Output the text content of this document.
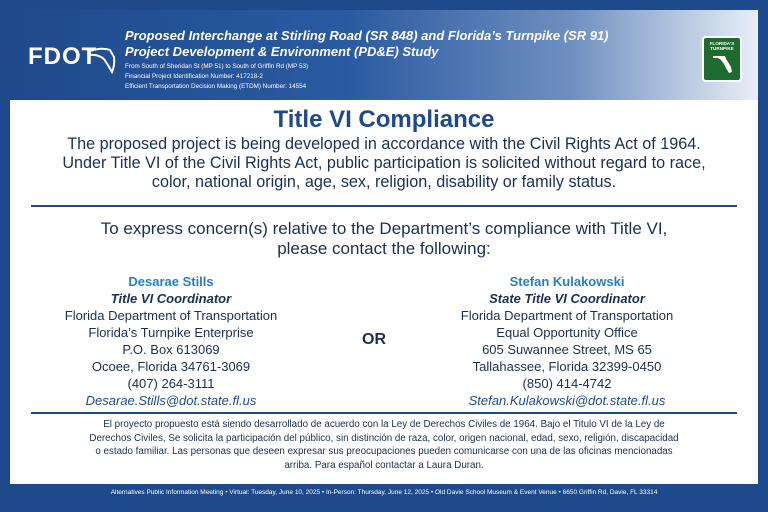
FDOT
Proposed Interchange at Stirling Road (SR 848) and Florida’s Turnpike (SR 91)
Project Development & Environment (PD&E) Study
From South of Sheridan St (MP 51) to South of Griffin Rd (MP 53)
Financial Project Identification Number: 417218-2
Efficient Transportation Decision Making (ETDM) Number: 14554
FLORIDA'S TURNPIKE
Title VI Compliance
The proposed project is being developed in accordance with the Civil Rights Act of 1964.
Under Title VI of the Civil Rights Act, public participation is solicited without regard to race,
color, national origin, age, sex, religion, disability or family status.
To express concern(s) relative to the Department’s compliance with Title VI,
please contact the following:
Desarae Stills
Title VI Coordinator
Florida Department of Transportation
Florida’s Turnpike Enterprise
P.O. Box 613069
Ocoee, Florida 34761-3069
(407) 264-3111
Desarae.Stills@dot.state.fl.us
OR
Stefan Kulakowski
State Title VI Coordinator
Florida Department of Transportation
Equal Opportunity Office
605 Suwannee Street, MS 65
Tallahassee, Florida 32399-0450
(850) 414-4742
Stefan.Kulakowski@dot.state.fl.us
El proyecto propuesto está siendo desarrollado de acuerdo con la Ley de Derechos Civiles de 1964. Bajo el Titulo VI de la Ley de
Derechos Civiles, Se solicita la participación del público, sin distinción de raza, color, origen nacional, edad, sexo, religión, discapacidad
o estado familiar. Las personas que deseen expresar sus preocupaciones pueden comunicarse con una de las oficinas mencionadas
arriba. Para español contactar a Laura Duran.
Alternatives Public Information Meeting • Virtual: Tuesday, June 10, 2025 • In-Person: Thursday, June 12, 2025 • Old Davie School Museum & Event Venue • 6650 Griffin Rd, Davie, FL 33314
